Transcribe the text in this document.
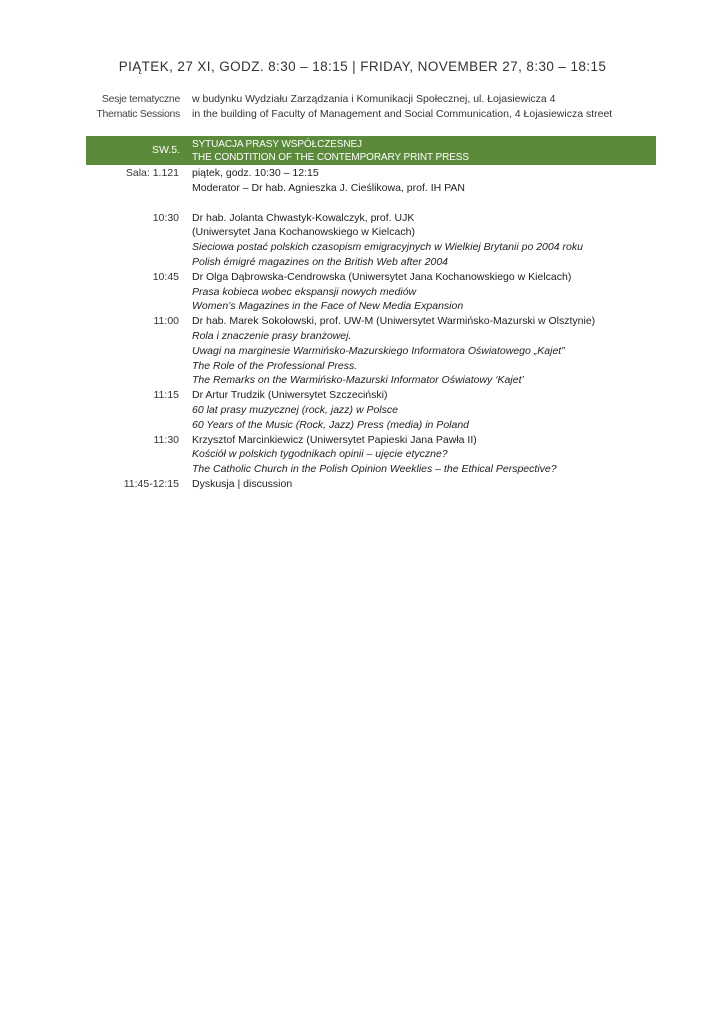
PIĄTEK, 27 XI, GODZ. 8:30 – 18:15 | FRIDAY, NOVEMBER 27, 8:30 – 18:15
Sesje tematyczne	w budynku Wydziału Zarządzania i Komunikacji Społecznej, ul. Łojasiewicza 4
Thematic Sessions	in the building of Faculty of Management and Social Communication, 4 Łojasiewicza street
SW.5. SYTUACJA PRASY WSPÓŁCZESNEJ
THE CONDTITION OF THE CONTEMPORARY PRINT PRESS
Sala: 1.121 piątek, godz. 10:30 – 12:15
Moderator – Dr hab. Agnieszka J. Cieślikowa, prof. IH PAN
10:30 Dr hab. Jolanta Chwastyk-Kowalczyk, prof. UJK
(Uniwersytet Jana Kochanowskiego w Kielcach)
Sieciowa postać polskich czasopism emigracyjnych w Wielkiej Brytanii po 2004 roku
Polish émigré magazines on the British Web after 2004
10:45 Dr Olga Dąbrowska-Cendrowska (Uniwersytet Jana Kochanowskiego w Kielcach)
Prasa kobieca wobec ekspansji nowych mediów
Women’s Magazines in the Face of New Media Expansion
11:00 Dr hab. Marek Sokołowski, prof. UW-M (Uniwersytet Warmińsko-Mazurski w Olsztynie)
Rola i znaczenie prasy branżowej.
Uwagi na marginesie Warmińsko-Mazurskiego Informatora Oświatowego „Kajet”
The Role of the Professional Press.
The Remarks on the Warmińsko-Mazurski Informator Oświatowy ‘Kajet’
11:15 Dr Artur Trudzik (Uniwersytet Szczeciński)
60 lat prasy muzycznej (rock, jazz) w Polsce
60 Years of the Music (Rock, Jazz) Press (media) in Poland
11:30 Krzysztof Marcinkiewicz (Uniwersytet Papieski Jana Pawła II)
Kościół w polskich tygodnikach opinii – ujęcie etyczne?
The Catholic Church in the Polish Opinion Weeklies – the Ethical Perspective?
11:45-12:15 Dyskusja | discussion
